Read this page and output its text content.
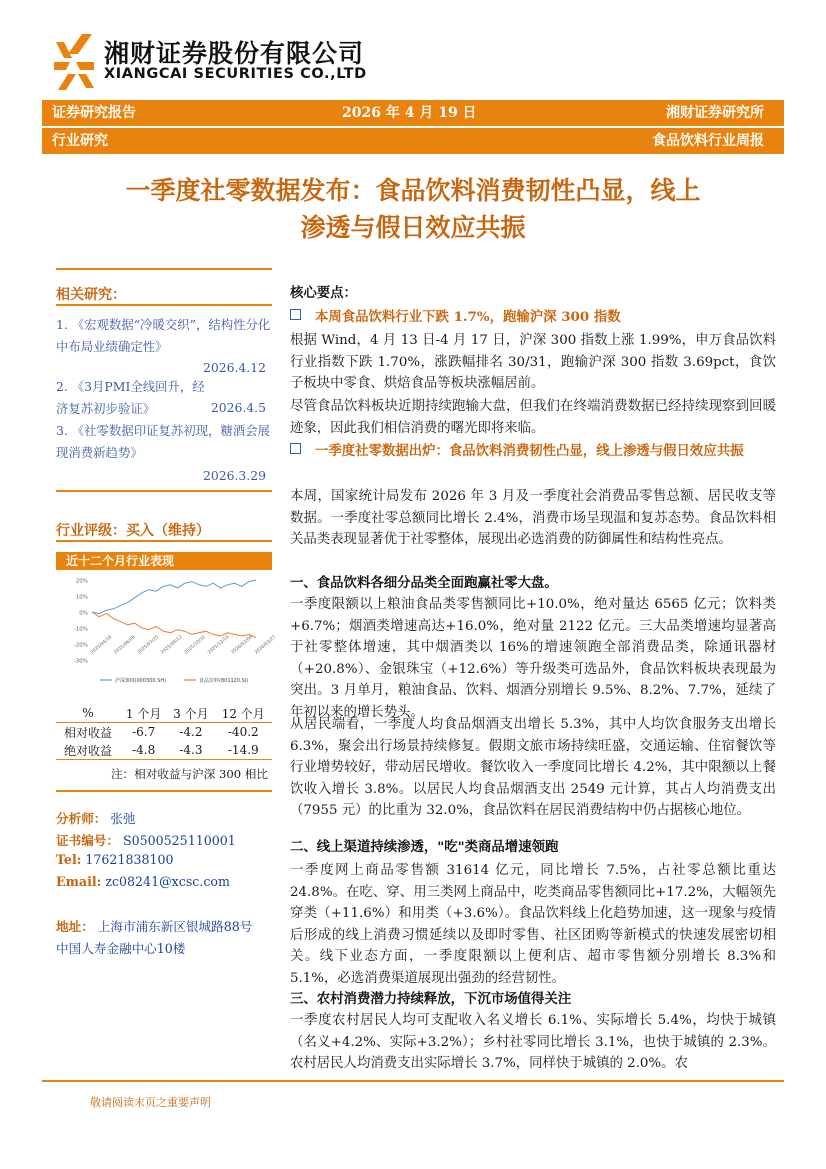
湘财证券股份有限公司
XIANGCAI SECURITIES CO.,LTD
证券研究报告	2026 年 4 月 19 日	湘财证券研究所
行业研究	食品饮料行业周报
一季度社零数据发布：食品饮料消费韧性凸显，线上
渗透与假日效应共振
相关研究：
1. 《宏观数据“冷暖交织”，结构性分化中布局业绩确定性》
2026.4.12
2. 《3月PMI全线回升，经济复苏初步验证》	2026.4.5
3. 《社零数据印证复苏初现，糖酒会展现消费新趋势》
2026.3.29
行业评级：买入（维持）
近十二个月行业表现
20%
10%
0%
-10%
-20%
-30%
2025/04/18 2025/06/06 2025/07/25 2025/09/12 2025/10/31 2025/12/19 2026/02/06 2026/03/27
沪深300(000300.SH)	食品饮料(801120.SI)
%	1 个月	3 个月	12 个月
相对收益	-6.7	-4.2	-40.2
绝对收益	-4.8	-4.3	-14.9
注：相对收益与沪深 300 相比
分析师： 张弛
证书编号： S0500525110001
Tel: 17621838100
Email: zc08241@xcsc.com
地址： 上海市浦东新区银城路88号
中国人寿金融中心10楼
核心要点：
本周食品饮料行业下跌 1.7%，跑输沪深 300 指数
根据 Wind，4 月 13 日-4 月 17 日，沪深 300 指数上涨 1.99%，申万食品饮料行业指数下跌 1.70%，涨跌幅排名 30/31，跑输沪深 300 指数 3.69pct，食饮子板块中零食、烘焙食品等板块涨幅居前。
尽管食品饮料板块近期持续跑输大盘，但我们在终端消费数据已经持续现察到回暖迹象，因此我们相信消费的曙光即将来临。
一季度社零数据出炉：食品饮料消费韧性凸显，线上渗透与假日效应共振
本周，国家统计局发布 2026 年 3 月及一季度社会消费品零售总额、居民收支等数据。一季度社零总额同比增长 2.4%，消费市场呈现温和复苏态势。食品饮料相关品类表现显著优于社零整体，展现出必选消费的防御属性和结构性亮点。
一、食品饮料各细分品类全面跑赢社零大盘。
一季度限额以上粮油食品类零售额同比+10.0%，绝对量达 6565 亿元；饮料类+6.7%；烟酒类增速高达+16.0%，绝对量 2122 亿元。三大品类增速均显著高于社零整体增速，其中烟酒类以 16%的增速领跑全部消费品类，除通讯器材（+20.8%）、金银珠宝（+12.6%）等升级类可选品外，食品饮料板块表现最为突出。3 月单月，粮油食品、饮料、烟酒分别增长 9.5%、8.2%、7.7%，延续了年初以来的增长势头。
从居民端看，一季度人均食品烟酒支出增长 5.3%，其中人均饮食服务支出增长 6.3%，聚会出行场景持续修复。假期文旅市场持续旺盛，交通运输、住宿餐饮等行业增势较好，带动居民增收。餐饮收入一季度同比增长 4.2%，其中限额以上餐饮收入增长 3.8%。以居民人均食品烟酒支出 2549 元计算，其占人均消费支出（7955 元）的比重为 32.0%，食品饮料在居民消费结构中仍占据核心地位。
二、线上渠道持续渗透，"吃"类商品增速领跑
一季度网上商品零售额 31614 亿元，同比增长 7.5%，占社零总额比重达 24.8%。在吃、穿、用三类网上商品中，吃类商品零售额同比+17.2%，大幅领先穿类（+11.6%）和用类（+3.6%）。食品饮料线上化趋势加速，这一现象与疫情后形成的线上消费习惯延续以及即时零售、社区团购等新模式的快速发展密切相关。线下业态方面，一季度限额以上便利店、超市零售额分别增长 8.3%和 5.1%，必选消费渠道展现出强劲的经营韧性。
三、农村消费潜力持续释放，下沉市场值得关注
一季度农村居民人均可支配收入名义增长 6.1%、实际增长 5.4%，均快于城镇（名义+4.2%、实际+3.2%）；乡村社零同比增长 3.1%，也快于城镇的 2.3%。农村居民人均消费支出实际增长 3.7%，同样快于城镇的 2.0%。农
敬请阅读末页之重要声明
